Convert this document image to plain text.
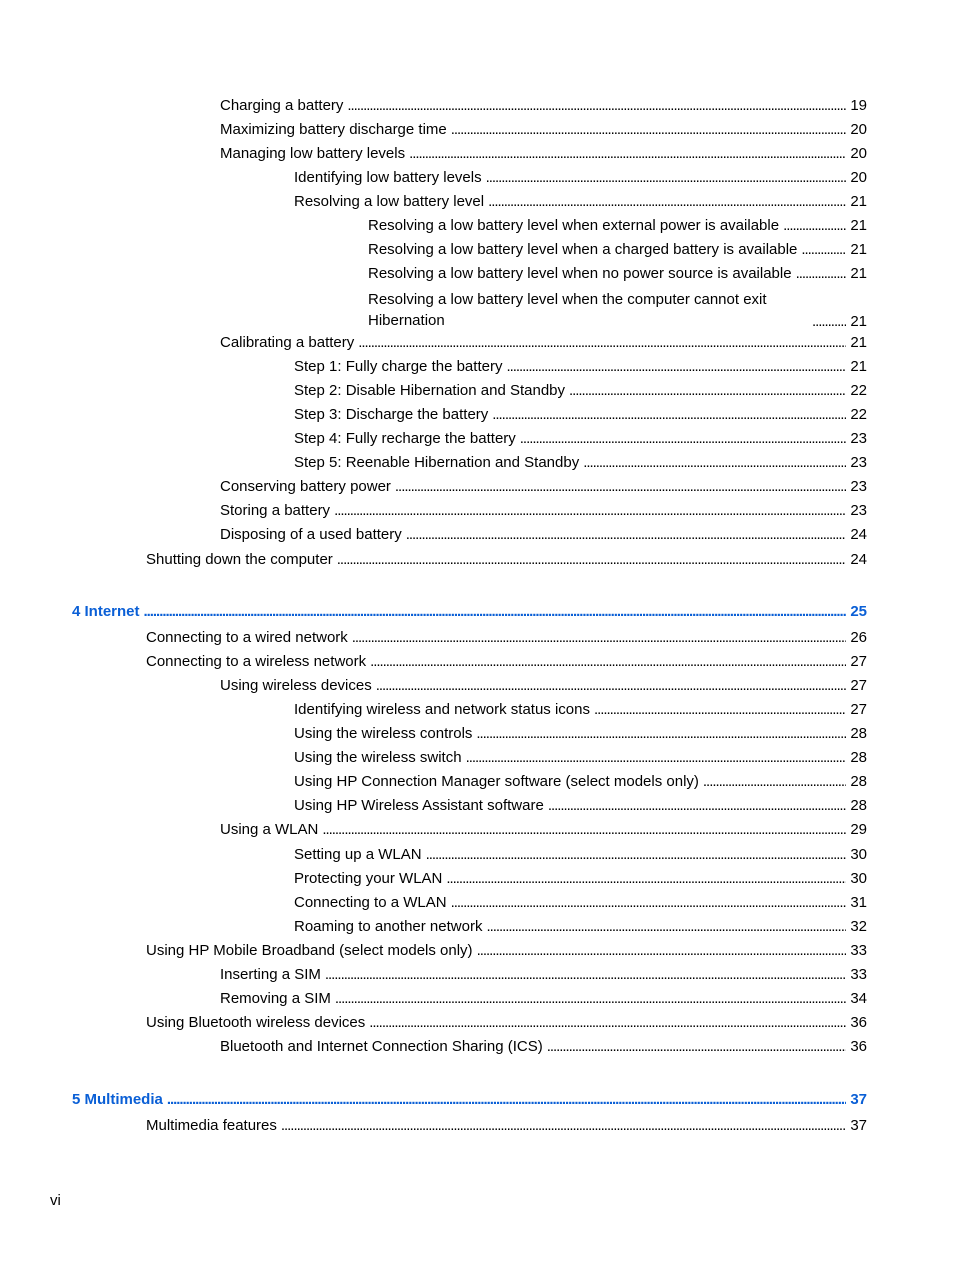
Charging a battery . . .	19
Maximizing battery discharge time . . .	20
Managing low battery levels . . .	20
Identifying low battery levels . . .	20
Resolving a low battery level . . .	21
Resolving a low battery level when external power is available . . .	21
Resolving a low battery level when a charged battery is available . . .	21
Resolving a low battery level when no power source is available . . .	21
Resolving a low battery level when the computer cannot exit Hibernation . . .	21
Calibrating a battery . . .	21
Step 1: Fully charge the battery . . .	21
Step 2: Disable Hibernation and Standby . . .	22
Step 3: Discharge the battery . . .	22
Step 4: Fully recharge the battery . . .	23
Step 5: Reenable Hibernation and Standby . . .	23
Conserving battery power . . .	23
Storing a battery . . .	23
Disposing of a used battery . . .	24
Shutting down the computer . . .	24
4 Internet . . .	25
Connecting to a wired network . . .	26
Connecting to a wireless network . . .	27
Using wireless devices . . .	27
Identifying wireless and network status icons . . .	27
Using the wireless controls . . .	28
Using the wireless switch . . .	28
Using HP Connection Manager software (select models only) . . .	28
Using HP Wireless Assistant software . . .	28
Using a WLAN . . .	29
Setting up a WLAN . . .	30
Protecting your WLAN . . .	30
Connecting to a WLAN . . .	31
Roaming to another network . . .	32
Using HP Mobile Broadband (select models only) . . .	33
Inserting a SIM . . .	33
Removing a SIM . . .	34
Using Bluetooth wireless devices . . .	36
Bluetooth and Internet Connection Sharing (ICS) . . .	36
5 Multimedia . . .	37
Multimedia features . . .	37
vi
